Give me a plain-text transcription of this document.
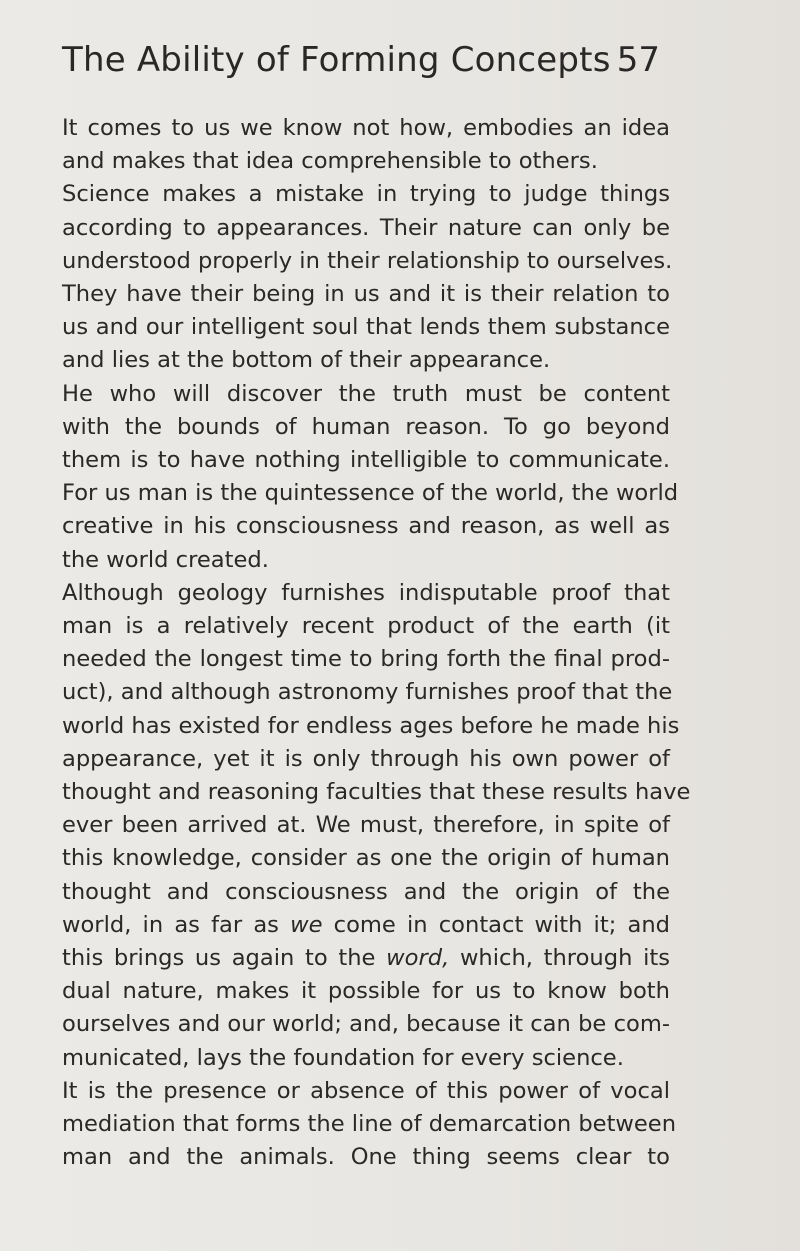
The Ability of Forming Concepts 57
It comes to us we know not how, embodies an idea
and makes that idea comprehensible to others.
Science makes a mistake in trying to judge things
according to appearances. Their nature can only be
understood properly in their relationship to ourselves.
They have their being in us and it is their relation to
us and our intelligent soul that lends them substance
and lies at the bottom of their appearance.
He who will discover the truth must be content
with the bounds of human reason. To go beyond
them is to have nothing intelligible to communicate.
For us man is the quintessence of the world, the world
creative in his consciousness and reason, as well as
the world created.
Although geology furnishes indisputable proof that
man is a relatively recent product of the earth (it
needed the longest time to bring forth the final prod-
uct), and although astronomy furnishes proof that the
world has existed for endless ages before he made his
appearance, yet it is only through his own power of
thought and reasoning faculties that these results have
ever been arrived at. We must, therefore, in spite of
this knowledge, consider as one the origin of human
thought and consciousness and the origin of the
world, in as far as we come in contact with it; and
this brings us again to the word, which, through its
dual nature, makes it possible for us to know both
ourselves and our world; and, because it can be com-
municated, lays the foundation for every science.
It is the presence or absence of this power of vocal
mediation that forms the line of demarcation between
man and the animals. One thing seems clear to
